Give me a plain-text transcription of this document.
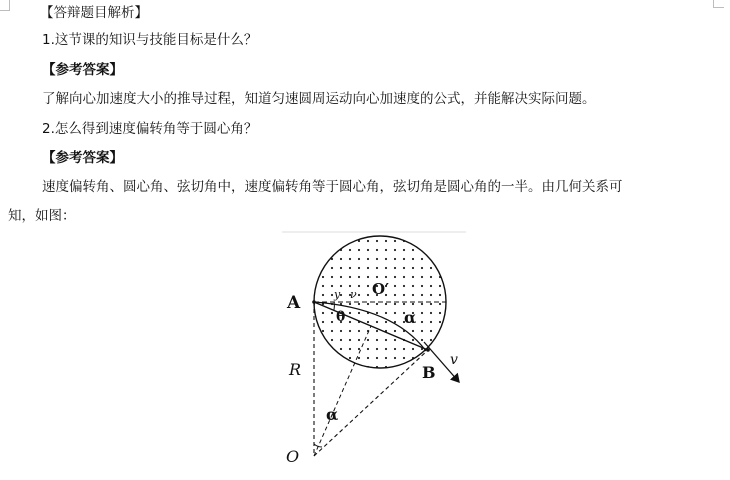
【答辩题目解析】
1.这节课的知识与技能目标是什么？
【参考答案】
了解向心加速度大小的推导过程，知道匀速圆周运动向心加速度的公式，并能解决实际问题。
2.怎么得到速度偏转角等于圆心角？
【参考答案】
速度偏转角、圆心角、弦切角中，速度偏转角等于圆心角，弦切角是圆心角的一半。由几何关系可
知，如图：
A
B
O′
O
R	v
θ	α
α
y ν
